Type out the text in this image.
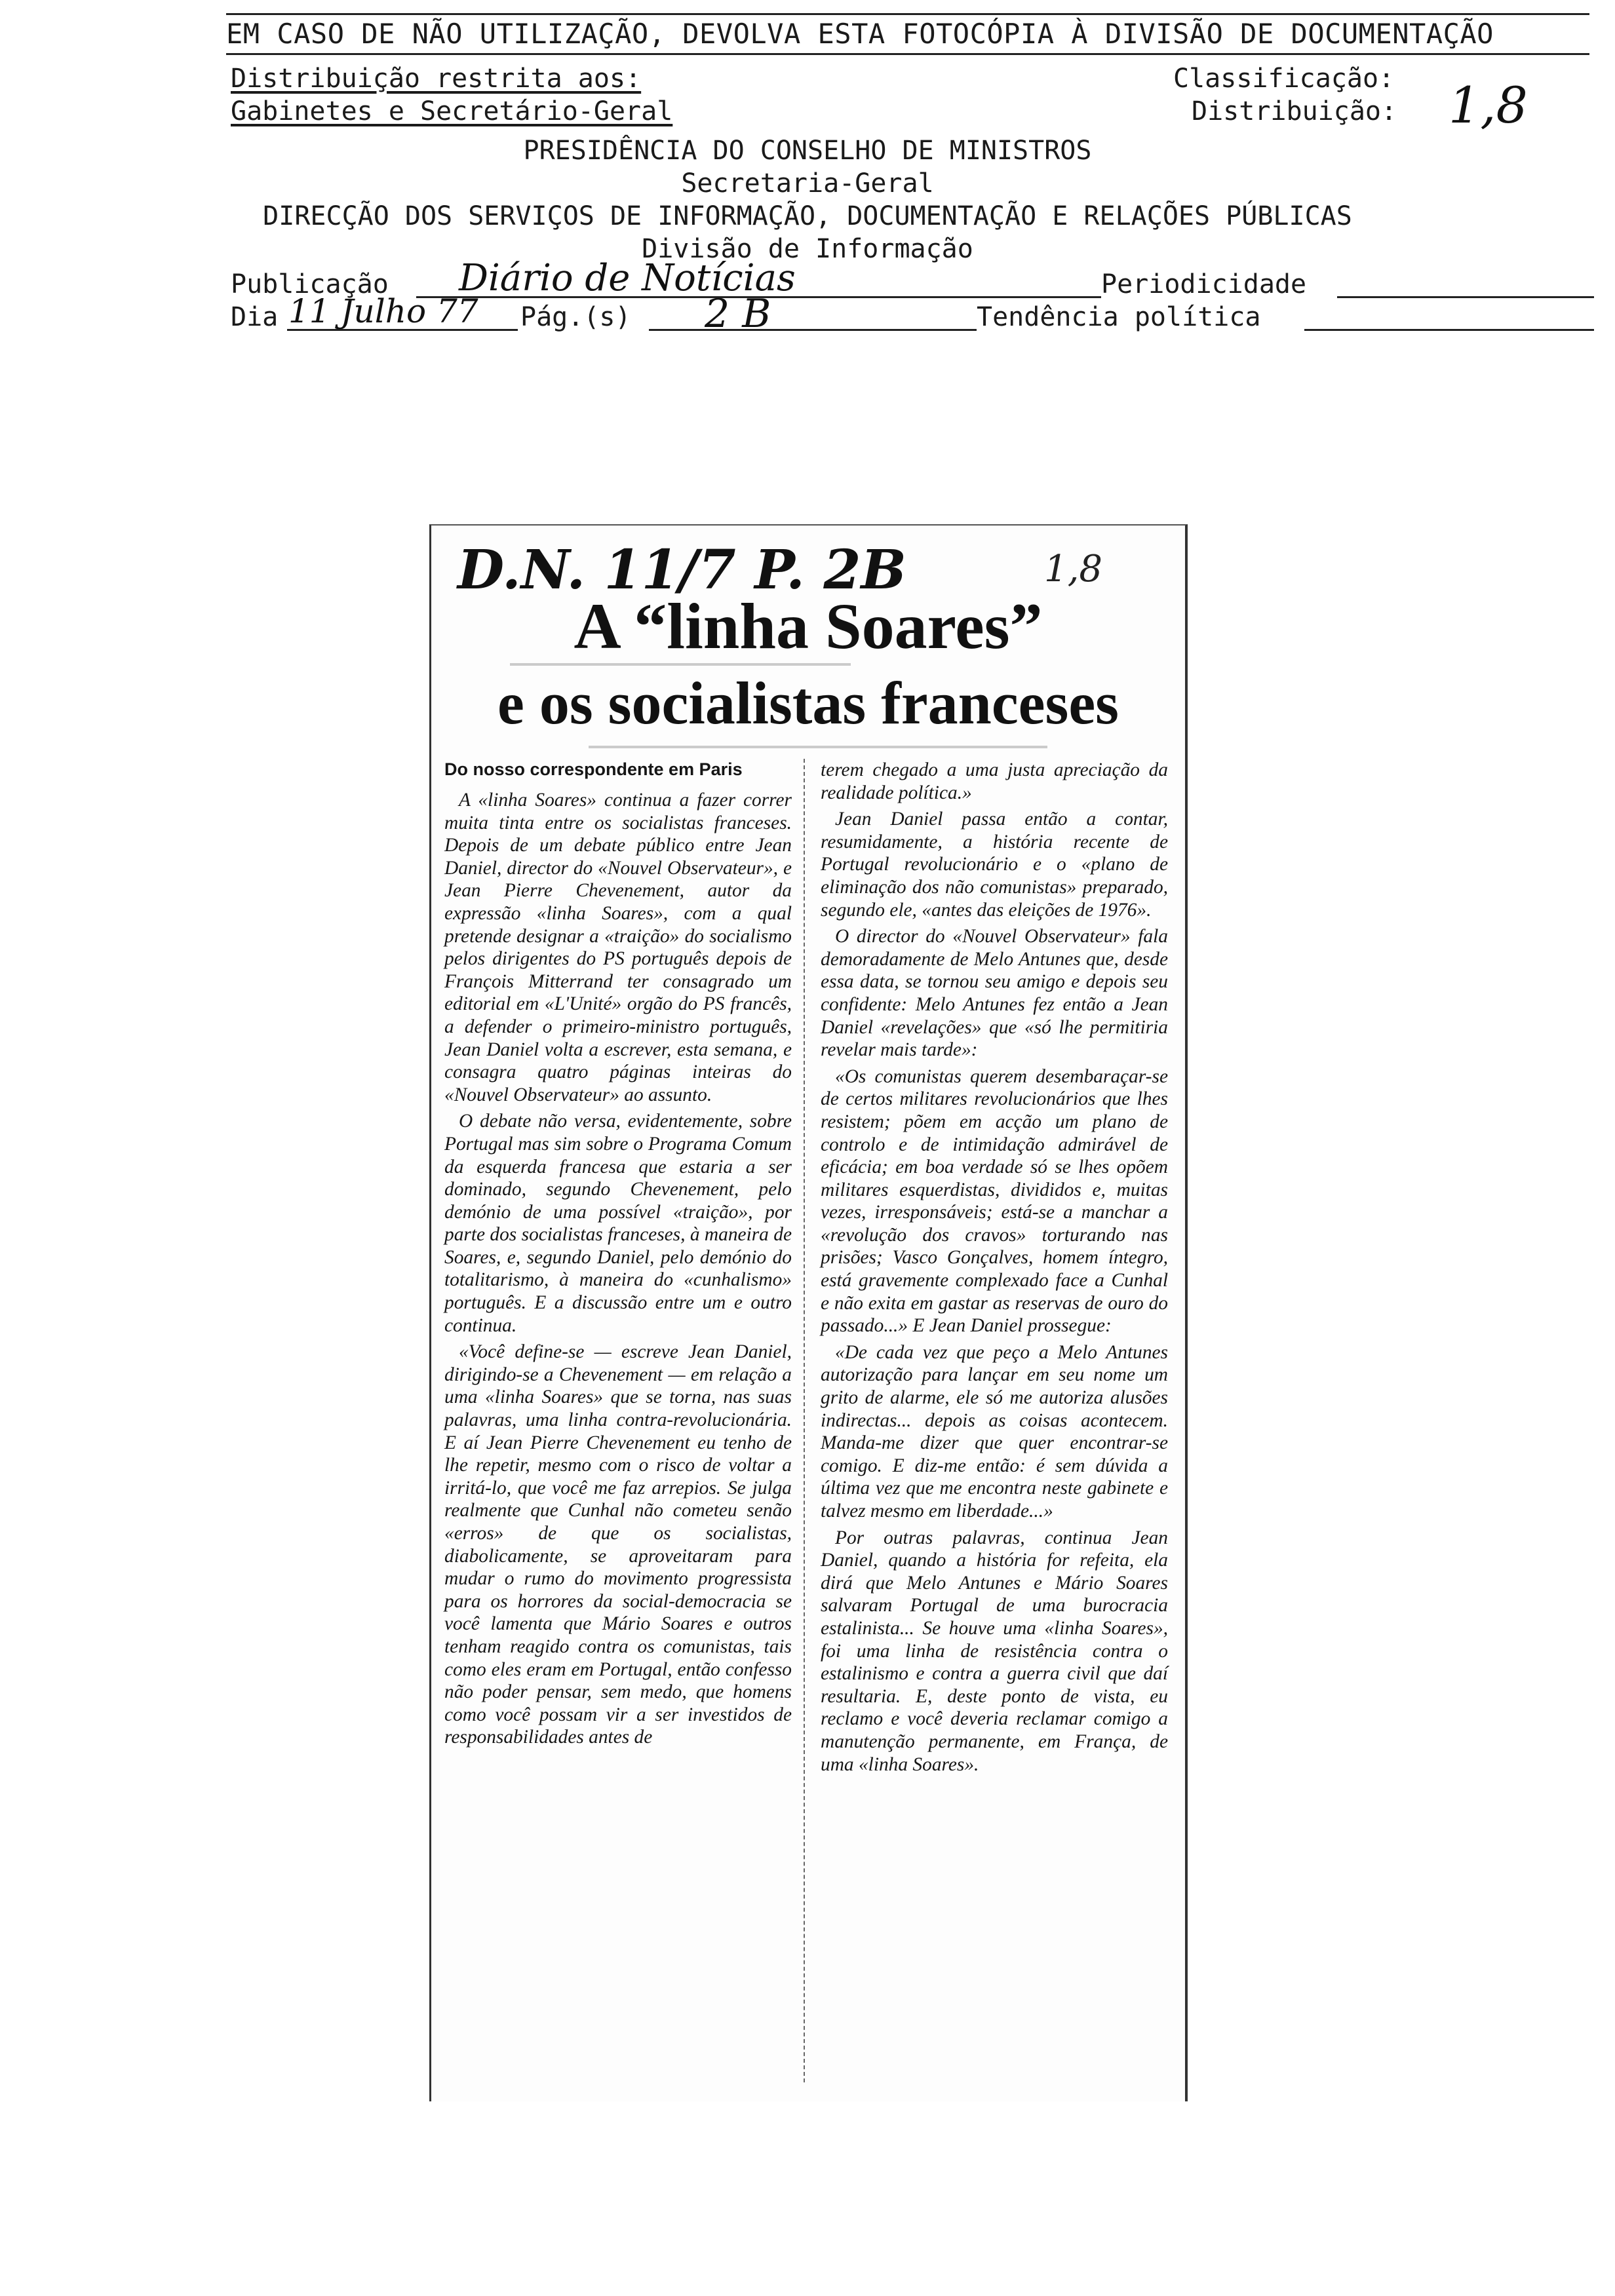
EM CASO DE NÃO UTILIZAÇÃO, DEVOLVA ESTA FOTOCÓPIA À DIVISÃO DE DOCUMENTAÇÃO
Distribuição restrita aos:
Gabinetes e Secretário-Geral
Classificação:
Distribuição: 1,8
PRESIDÊNCIA DO CONSELHO DE MINISTROS
Secretaria-Geral
DIRECÇÃO DOS SERVIÇOS DE INFORMAÇÃO, DOCUMENTAÇÃO E RELAÇÕES PÚBLICAS
Divisão de Informação
Publicação Diário de Notícias	Periodicidade
Dia 11 Julho 77 Pág.(s) 2 B	Tendência política
D.N. 11/7 P. 2B	1,8
A “linha Soares”
e os socialistas franceses
Do nosso correspondente em Paris

A «linha Soares» continua a fazer correr muita tinta entre os socialistas franceses. Depois de um debate público entre Jean Daniel, director do «Nouvel Observateur», e Jean Pierre Chevenement, autor da expressão «linha Soares», com a qual pretende designar a «traição» do socialismo pelos dirigentes do PS português depois de François Mitterrand ter consagrado um editorial em «L'Unité» orgão do PS francês, a defender o primeiro-ministro português, Jean Daniel volta a escrever, esta semana, e consagra quatro páginas inteiras do «Nouvel Observateur» ao assunto.

O debate não versa, evidentemente, sobre Portugal mas sim sobre o Programa Comum da esquerda francesa que estaria a ser dominado, segundo Chevenement, pelo demónio de uma possível «traição», por parte dos socialistas franceses, à maneira de Soares, e, segundo Daniel, pelo demónio do totalitarismo, à maneira do «cunhalismo» português. E a discussão entre um e outro continua.

«Você define-se — escreve Jean Daniel, dirigindo-se a Chevenement — em relação a uma «linha Soares» que se torna, nas suas palavras, uma linha contra-revolucionária. E aí Jean Pierre Chevenement eu tenho de lhe repetir, mesmo com o risco de voltar a irritá-lo, que você me faz arrepios. Se julga realmente que Cunhal não cometeu senão «erros» de que os socialistas, diabolicamente, se aproveitaram para mudar o rumo do movimento progressista para os horrores da social-democracia se você lamenta que Mário Soares e outros tenham reagido contra os comunistas, tais como eles eram em Portugal, então confesso não poder pensar, sem medo, que homens como você possam vir a ser investidos de responsabilidades antes de

terem chegado a uma justa apreciação da realidade política.»

Jean Daniel passa então a contar, resumidamente, a história recente de Portugal revolucionário e o «plano de eliminação dos não comunistas» preparado, segundo ele, «antes das eleições de 1976».

O director do «Nouvel Observateur» fala demoradamente de Melo Antunes que, desde essa data, se tornou seu amigo e depois seu confidente: Melo Antunes fez então a Jean Daniel «revelações» que «só lhe permitiria revelar mais tarde»:

«Os comunistas querem desembaraçar-se de certos militares revolucionários que lhes resistem; põem em acção um plano de controlo e de intimidação admirável de eficácia; em boa verdade só se lhes opõem militares esquerdistas, divididos e, muitas vezes, irresponsáveis; está-se a manchar a «revolução dos cravos» torturando nas prisões; Vasco Gonçalves, homem íntegro, está gravemente complexado face a Cunhal e não exita em gastar as reservas de ouro do passado...» E Jean Daniel prossegue:

«De cada vez que peço a Melo Antunes autorização para lançar em seu nome um grito de alarme, ele só me autoriza alusões indirectas... depois as coisas acontecem. Manda-me dizer que quer encontrar-se comigo. E diz-me então: é sem dúvida a última vez que me encontra neste gabinete e talvez mesmo em liberdade...»

Por outras palavras, continua Jean Daniel, quando a história for refeita, ela dirá que Melo Antunes e Mário Soares salvaram Portugal de uma burocracia estalinista... Se houve uma «linha Soares», foi uma linha de resistência contra o estalinismo e contra a guerra civil que daí resultaria. E, deste ponto de vista, eu reclamo e você deveria reclamar comigo a manutenção permanente, em França, de uma «linha Soares».
